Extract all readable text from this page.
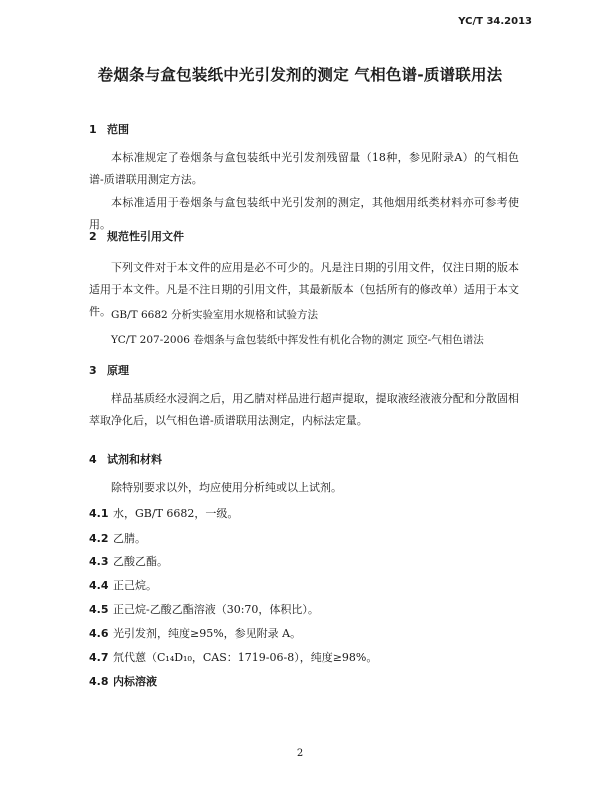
YC/T 34.2013
卷烟条与盒包装纸中光引发剂的测定 气相色谱-质谱联用法
1 范围
本标准规定了卷烟条与盒包装纸中光引发剂残留量（18种，参见附录A）的气相色谱-质谱联用测定方法。
本标准适用于卷烟条与盒包装纸中光引发剂的测定，其他烟用纸类材料亦可参考使用。
2 规范性引用文件
下列文件对于本文件的应用是必不可少的。凡是注日期的引用文件，仅注日期的版本适用于本文件。凡是不注日期的引用文件，其最新版本（包括所有的修改单）适用于本文件。 GB/T 6682 分析实验室用水规格和试验方法
YC/T 207-2006 卷烟条与盒包装纸中挥发性有机化合物的测定 顶空-气相色谱法
3 原理
样品基质经水浸润之后，用乙腈对样品进行超声提取，提取液经液液分配和分散固相萃取净化后，以气相色谱-质谱联用法测定，内标法定量。
4 试剂和材料
除特别要求以外，均应使用分析纯或以上试剂。
4.1 水，GB/T 6682，一级。
4.2 乙腈。
4.3 乙酸乙酯。
4.4 正己烷。
4.5 正己烷-乙酸乙酯溶液（30:70，体积比）。
4.6 光引发剂，纯度≥95%，参见附录 A。
4.7 氘代蒽（C₁₄D₁₀，CAS：1719-06-8），纯度≥98%。
4.8 内标溶液
2
